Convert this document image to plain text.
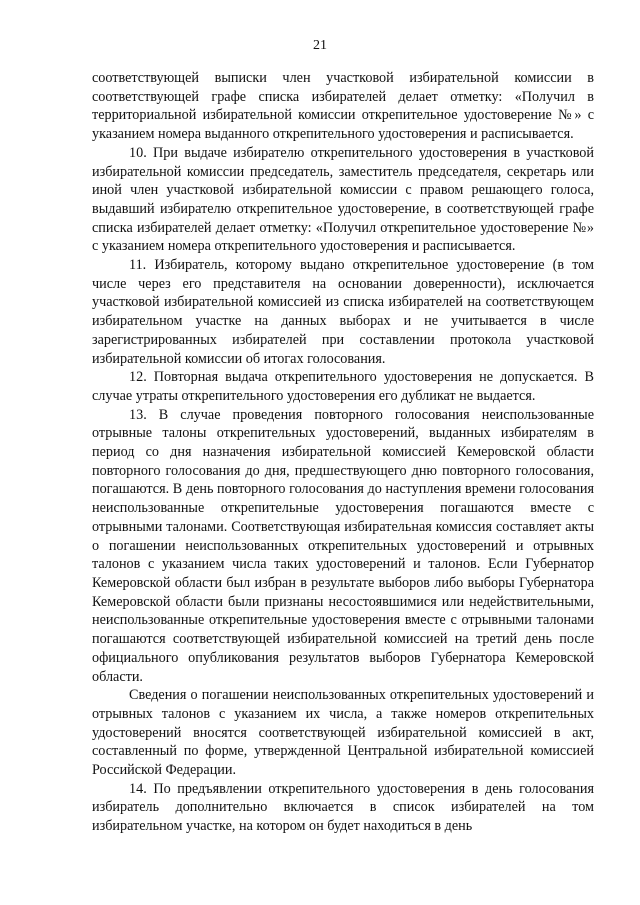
21

соответствующей выписки член участковой избирательной комиссии в соответствующей графе списка избирателей делает отметку: «Получил в территориальной избирательной комиссии открепительное удостоверение №» с указанием номера выданного открепительного удостоверения и расписывается.

10. При выдаче избирателю открепительного удостоверения в участковой избирательной комиссии председатель, заместитель председателя, секретарь или иной член участковой избирательной комиссии с правом решающего голоса, выдавший избирателю открепительное удостоверение, в соответствующей графе списка избирателей делает отметку: «Получил открепительное удостоверение №» с указанием номера открепительного удостоверения и расписывается.

11. Избиратель, которому выдано открепительное удостоверение (в том числе через его представителя на основании доверенности), исключается участковой избирательной комиссией из списка избирателей на соответствующем избирательном участке на данных выборах и не учитывается в числе зарегистрированных избирателей при составлении протокола участковой избирательной комиссии об итогах голосования.

12. Повторная выдача открепительного удостоверения не допускается. В случае утраты открепительного удостоверения его дубликат не выдается.

13. В случае проведения повторного голосования неиспользованные отрывные талоны открепительных удостоверений, выданных избирателям в период со дня назначения избирательной комиссией Кемеровской области повторного голосования до дня, предшествующего дню повторного голосования, погашаются. В день повторного голосования до наступления времени голосования неиспользованные открепительные удостоверения погашаются вместе с отрывными талонами. Соответствующая избирательная комиссия составляет акты о погашении неиспользованных открепительных удостоверений и отрывных талонов с указанием числа таких удостоверений и талонов. Если Губернатор Кемеровской области был избран в результате выборов либо выборы Губернатора Кемеровской области были признаны несостоявшимися или недействительными, неиспользованные открепительные удостоверения вместе с отрывными талонами погашаются соответствующей избирательной комиссией на третий день после официального опубликования результатов выборов Губернатора Кемеровской области.

Сведения о погашении неиспользованных открепительных удостоверений и отрывных талонов с указанием их числа, а также номеров открепительных удостоверений вносятся соответствующей избирательной комиссией в акт, составленный по форме, утвержденной Центральной избирательной комиссией Российской Федерации.

14. По предъявлении открепительного удостоверения в день голосования избиратель дополнительно включается в список избирателей на том избирательном участке, на котором он будет находиться в день
